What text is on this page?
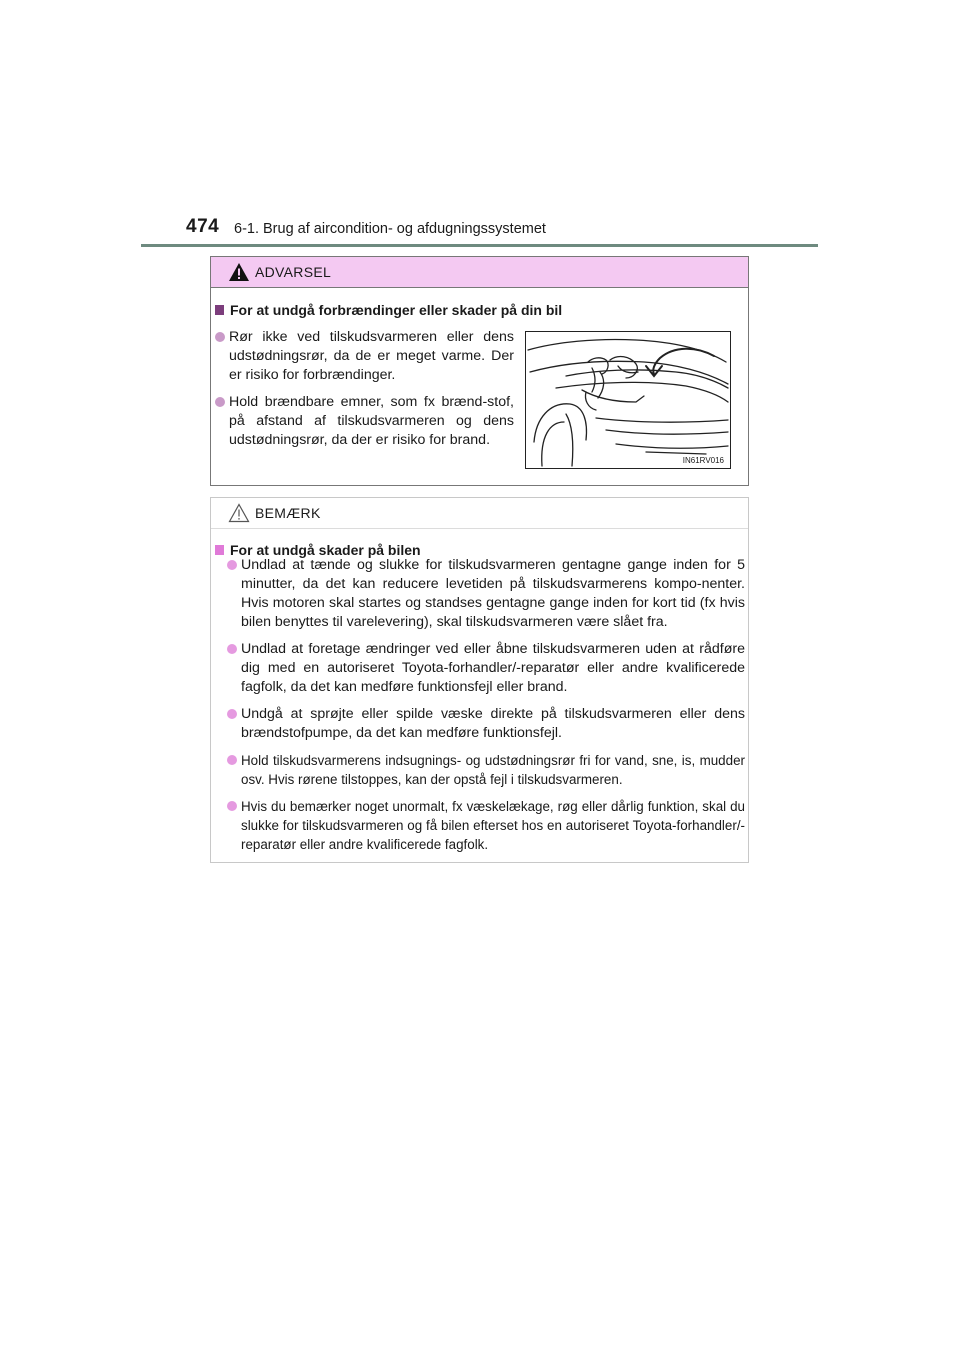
474 6-1. Brug af aircondition- og afdugningssystemet
ADVARSEL
For at undgå forbrændinger eller skader på din bil
Rør ikke ved tilskudsvarmeren eller dens udstødningsrør, da de er meget varme. Der er risiko for forbrændinger.
Hold brændbare emner, som fx brænd-stof, på afstand af tilskudsvarmeren og dens udstødningsrør, da der er risiko for brand.
IN61RV016
BEMÆRK
For at undgå skader på bilen
Undlad at tænde og slukke for tilskudsvarmeren gentagne gange inden for 5 minutter, da det kan reducere levetiden på tilskudsvarmerens kompo-nenter. Hvis motoren skal startes og standses gentagne gange inden for kort tid (fx hvis bilen benyttes til varelevering), skal tilskudsvarmeren være slået fra.
Undlad at foretage ændringer ved eller åbne tilskudsvarmeren uden at rådføre dig med en autoriseret Toyota-forhandler/-reparatør eller andre kvalificerede fagfolk, da det kan medføre funktionsfejl eller brand.
Undgå at sprøjte eller spilde væske direkte på tilskudsvarmeren eller dens brændstofpumpe, da det kan medføre funktionsfejl.
Hold tilskudsvarmerens indsugnings- og udstødningsrør fri for vand, sne, is, mudder osv. Hvis rørene tilstoppes, kan der opstå fejl i tilskudsvarmeren.
Hvis du bemærker noget unormalt, fx væskelækage, røg eller dårlig funktion, skal du slukke for tilskudsvarmeren og få bilen efterset hos en autoriseret Toyota-forhandler/-reparatør eller andre kvalificerede fagfolk.
